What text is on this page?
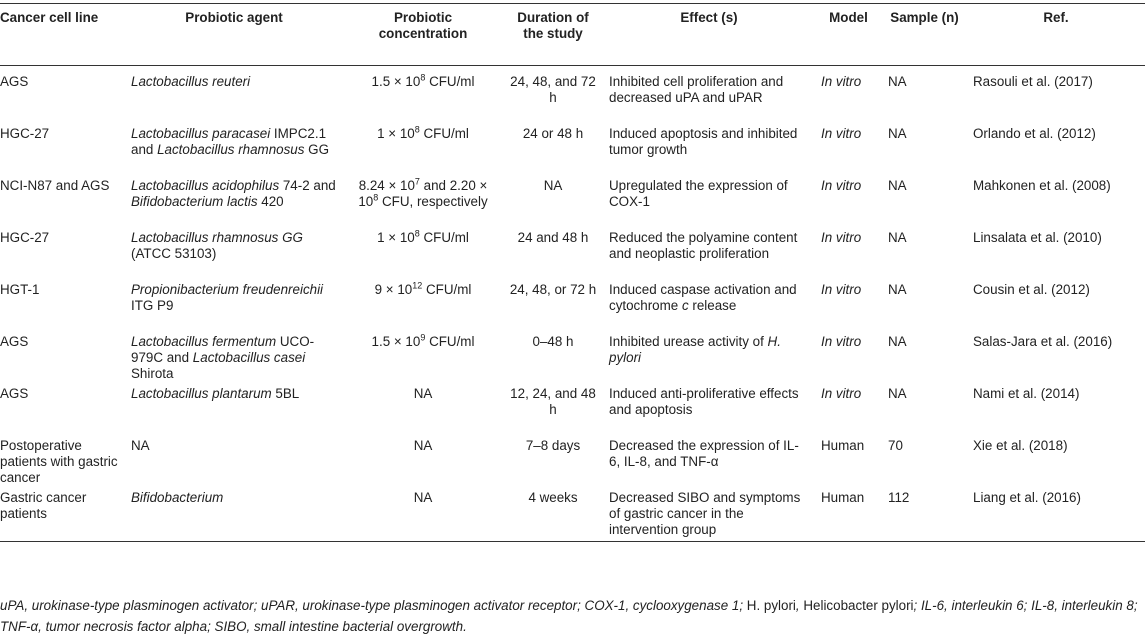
Cancer cell line	Probiotic agent	Probiotic concentration	Duration of the study	Effect (s)	Model	Sample (n)	Ref.
AGS	Lactobacillus reuteri	$1.5 \times 10^8$ CFU/ml	24, 48, and 72 h	Inhibited cell proliferation and decreased uPA and uPAR	In vitro	NA	Rasouli et al. (2017)
HGC-27	Lactobacillus paracasei IMPC2.1 and Lactobacillus rhamnosus GG	$1 \times 10^8$ CFU/ml	24 or 48 h	Induced apoptosis and inhibited tumor growth	In vitro	NA	Orlando et al. (2012)
NCI-N87 and AGS	Lactobacillus acidophilus 74-2 and Bifidobacterium lactis 420	$8.24 \times 10^7$ and $2.20 \times 10^8$ CFU, respectively	NA	Upregulated the expression of COX-1	In vitro	NA	Mahkonen et al. (2008)
HGC-27	Lactobacillus rhamnosus GG (ATCC 53103)	$1 \times 10^8$ CFU/ml	24 and 48 h	Reduced the polyamine content and neoplastic proliferation	In vitro	NA	Linsalata et al. (2010)
HGT-1	Propionibacterium freudenreichii ITG P9	$9 \times 10^{12}$ CFU/ml	24, 48, or 72 h	Induced caspase activation and cytochrome c release	In vitro	NA	Cousin et al. (2012)
AGS	Lactobacillus fermentum UCO-979C and Lactobacillus casei Shirota	$1.5 \times 10^9$ CFU/ml	0–48 h	Inhibited urease activity of H. pylori	In vitro	NA	Salas-Jara et al. (2016)
AGS	Lactobacillus plantarum 5BL	NA	12, 24, and 48 h	Induced anti-proliferative effects and apoptosis	In vitro	NA	Nami et al. (2014)
Postoperative patients with gastric cancer	NA	NA	7–8 days	Decreased the expression of IL-6, IL-8, and TNF-α	Human	70	Xie et al. (2018)
Gastric cancer patients	Bifidobacterium	NA	4 weeks	Decreased SIBO and symptoms of gastric cancer in the intervention group	Human	112	Liang et al. (2016)
uPA, urokinase-type plasminogen activator; uPAR, urokinase-type plasminogen activator receptor; COX-1, cyclooxygenase 1; H. pylori, Helicobacter pylori; IL-6, interleukin 6; IL-8, interleukin 8; TNF-α, tumor necrosis factor alpha; SIBO, small intestine bacterial overgrowth.
